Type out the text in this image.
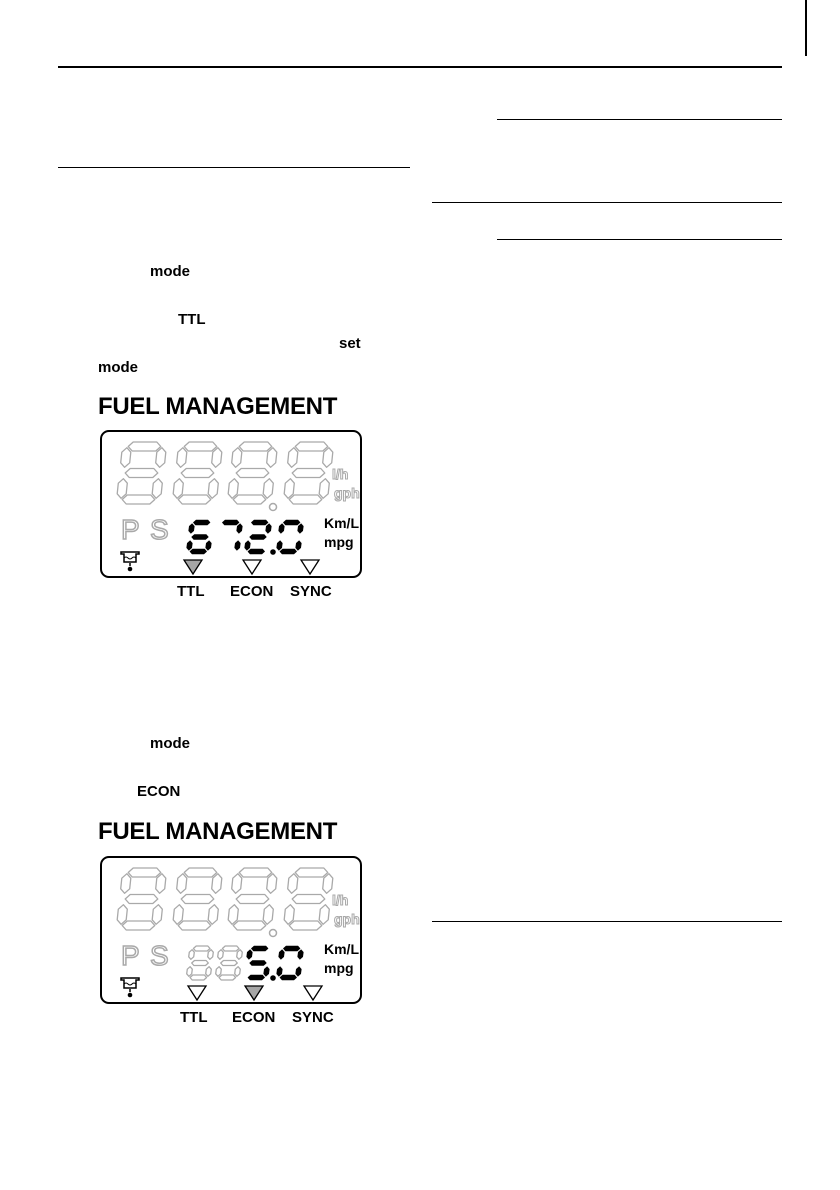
mode
TTL
set
mode
mode
ECON
FUEL MANAGEMENT
l/h
gph
P S	Km/L
mpg
TTL ECON SYNC
FUEL MANAGEMENT
l/h
gph
P S	Km/L
mpg
TTL ECON SYNC
